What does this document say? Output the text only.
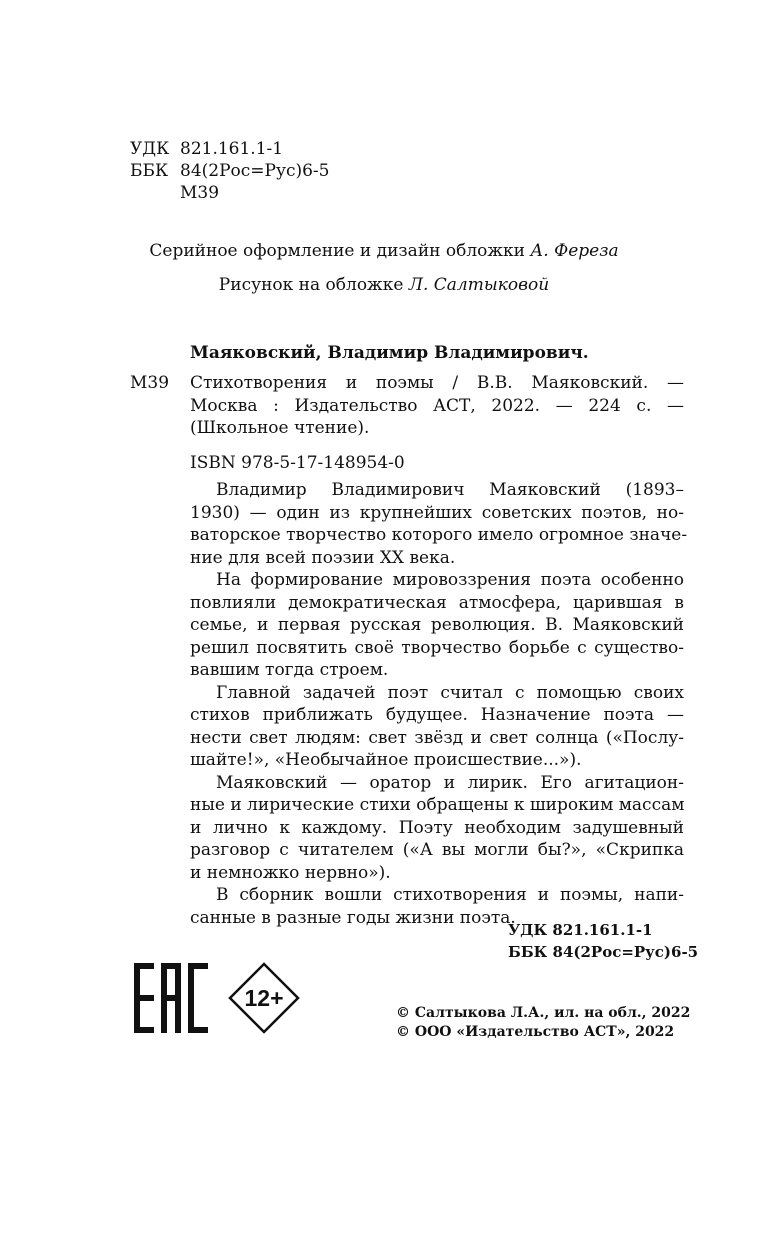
УДК 821.161.1-1
ББК 84(2Рос=Рус)6-5
М39
Серийное оформление и дизайн обложки А. Фереза
Рисунок на обложке Л. Салтыковой
Маяковский, Владимир Владимирович.
М39 Стихотворения и поэмы / В.В. Маяковский. —
Москва : Издательство АСТ, 2022. — 224 с. —
(Школьное чтение).
ISBN 978-5-17-148954-0

Владимир Владимирович Маяковский (1893–
1930) — один из крупнейших советских поэтов, но-
ваторское творчество которого имело огромное значе-
ние для всей поэзии XX века.

На формирование мировоззрения поэта особенно
повлияли демократическая атмосфера, царившая в
семье, и первая русская революция. В. Маяковский
решил посвятить своё творчество борьбе с существо-
вавшим тогда строем.

Главной задачей поэт считал с помощью своих
стихов приближать будущее. Назначение поэта —
нести свет людям: свет звёзд и свет солнца («Послу-
шайте!», «Необычайное происшествие...»).

Маяковский — оратор и лирик. Его агитацион-
ные и лирические стихи обращены к широким массам
и лично к каждому. Поэту необходим задушевный
разговор с читателем («А вы могли бы?», «Скрипка
и немножко нервно»).

В сборник вошли стихотворения и поэмы, напи-
санные в разные годы жизни поэта.

УДК 821.161.1-1
ББК 84(2Рос=Рус)6-5
12+
© Салтыкова Л.А., ил. на обл., 2022
© ООО «Издательство АСТ», 2022
